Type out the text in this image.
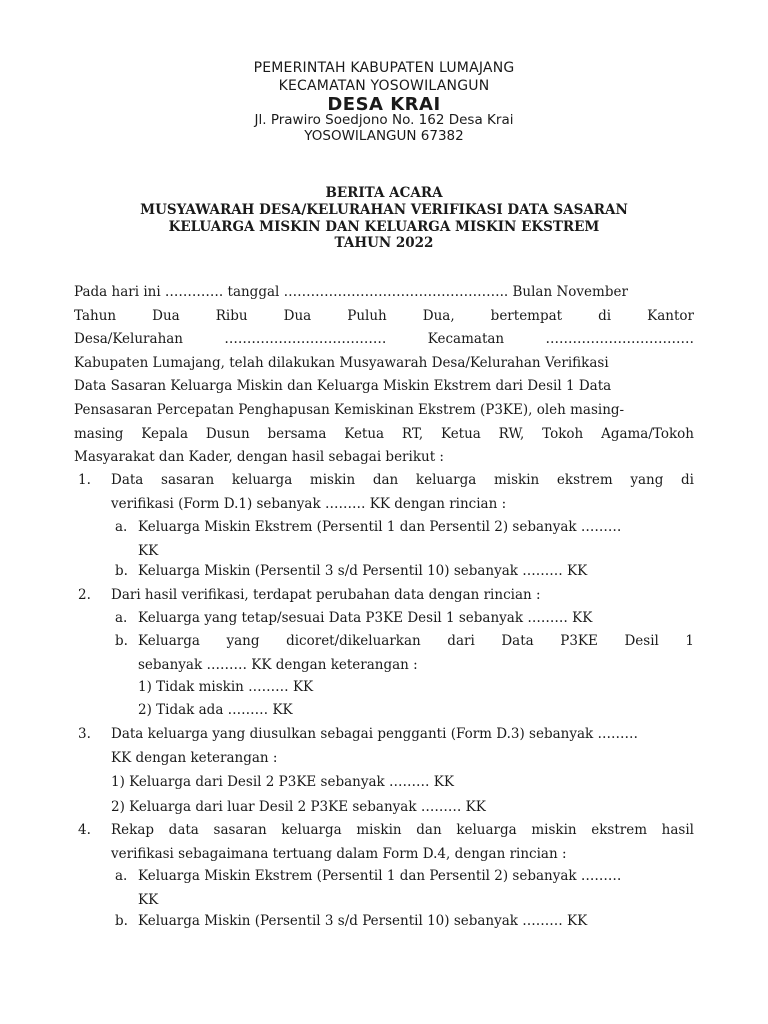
PEMERINTAH KABUPATEN LUMAJANG
KECAMATAN YOSOWILANGUN
DESA KRAI
Jl. Prawiro Soedjono No. 162 Desa Krai
YOSOWILANGUN 67382
BERITA ACARA
MUSYAWARAH DESA/KELURAHAN VERIFIKASI DATA SASARAN
KELUARGA MISKIN DAN KELUARGA MISKIN EKSTREM
TAHUN 2022
Pada hari ini …………. tanggal ………………………………………….. Bulan November
Tahun Dua Ribu Dua Puluh Dua, bertempat di Kantor
Desa/Kelurahan ……………………………… Kecamatan ……………………………
Kabupaten Lumajang, telah dilakukan Musyawarah Desa/Kelurahan Verifikasi
Data Sasaran Keluarga Miskin dan Keluarga Miskin Ekstrem dari Desil 1 Data
Pensasaran Percepatan Penghapusan Kemiskinan Ekstrem (P3KE), oleh masing-
masing Kepala Dusun bersama Ketua RT, Ketua RW, Tokoh Agama/Tokoh
Masyarakat dan Kader, dengan hasil sebagai berikut :
1. Data sasaran keluarga miskin dan keluarga miskin ekstrem yang di
verifikasi (Form D.1) sebanyak ……… KK dengan rincian :
a. Keluarga Miskin Ekstrem (Persentil 1 dan Persentil 2) sebanyak ………
KK
b. Keluarga Miskin (Persentil 3 s/d Persentil 10) sebanyak ……… KK
2. Dari hasil verifikasi, terdapat perubahan data dengan rincian :
a. Keluarga yang tetap/sesuai Data P3KE Desil 1 sebanyak ……… KK
b. Keluarga yang dicoret/dikeluarkan dari Data P3KE Desil 1
sebanyak ……… KK dengan keterangan :
1) Tidak miskin ……… KK
2) Tidak ada ……… KK
3. Data keluarga yang diusulkan sebagai pengganti (Form D.3) sebanyak ………
KK dengan keterangan :
1) Keluarga dari Desil 2 P3KE sebanyak ……… KK
2) Keluarga dari luar Desil 2 P3KE sebanyak ……… KK
4. Rekap data sasaran keluarga miskin dan keluarga miskin ekstrem hasil
verifikasi sebagaimana tertuang dalam Form D.4, dengan rincian :
a. Keluarga Miskin Ekstrem (Persentil 1 dan Persentil 2) sebanyak ………
KK
b. Keluarga Miskin (Persentil 3 s/d Persentil 10) sebanyak ……… KK
